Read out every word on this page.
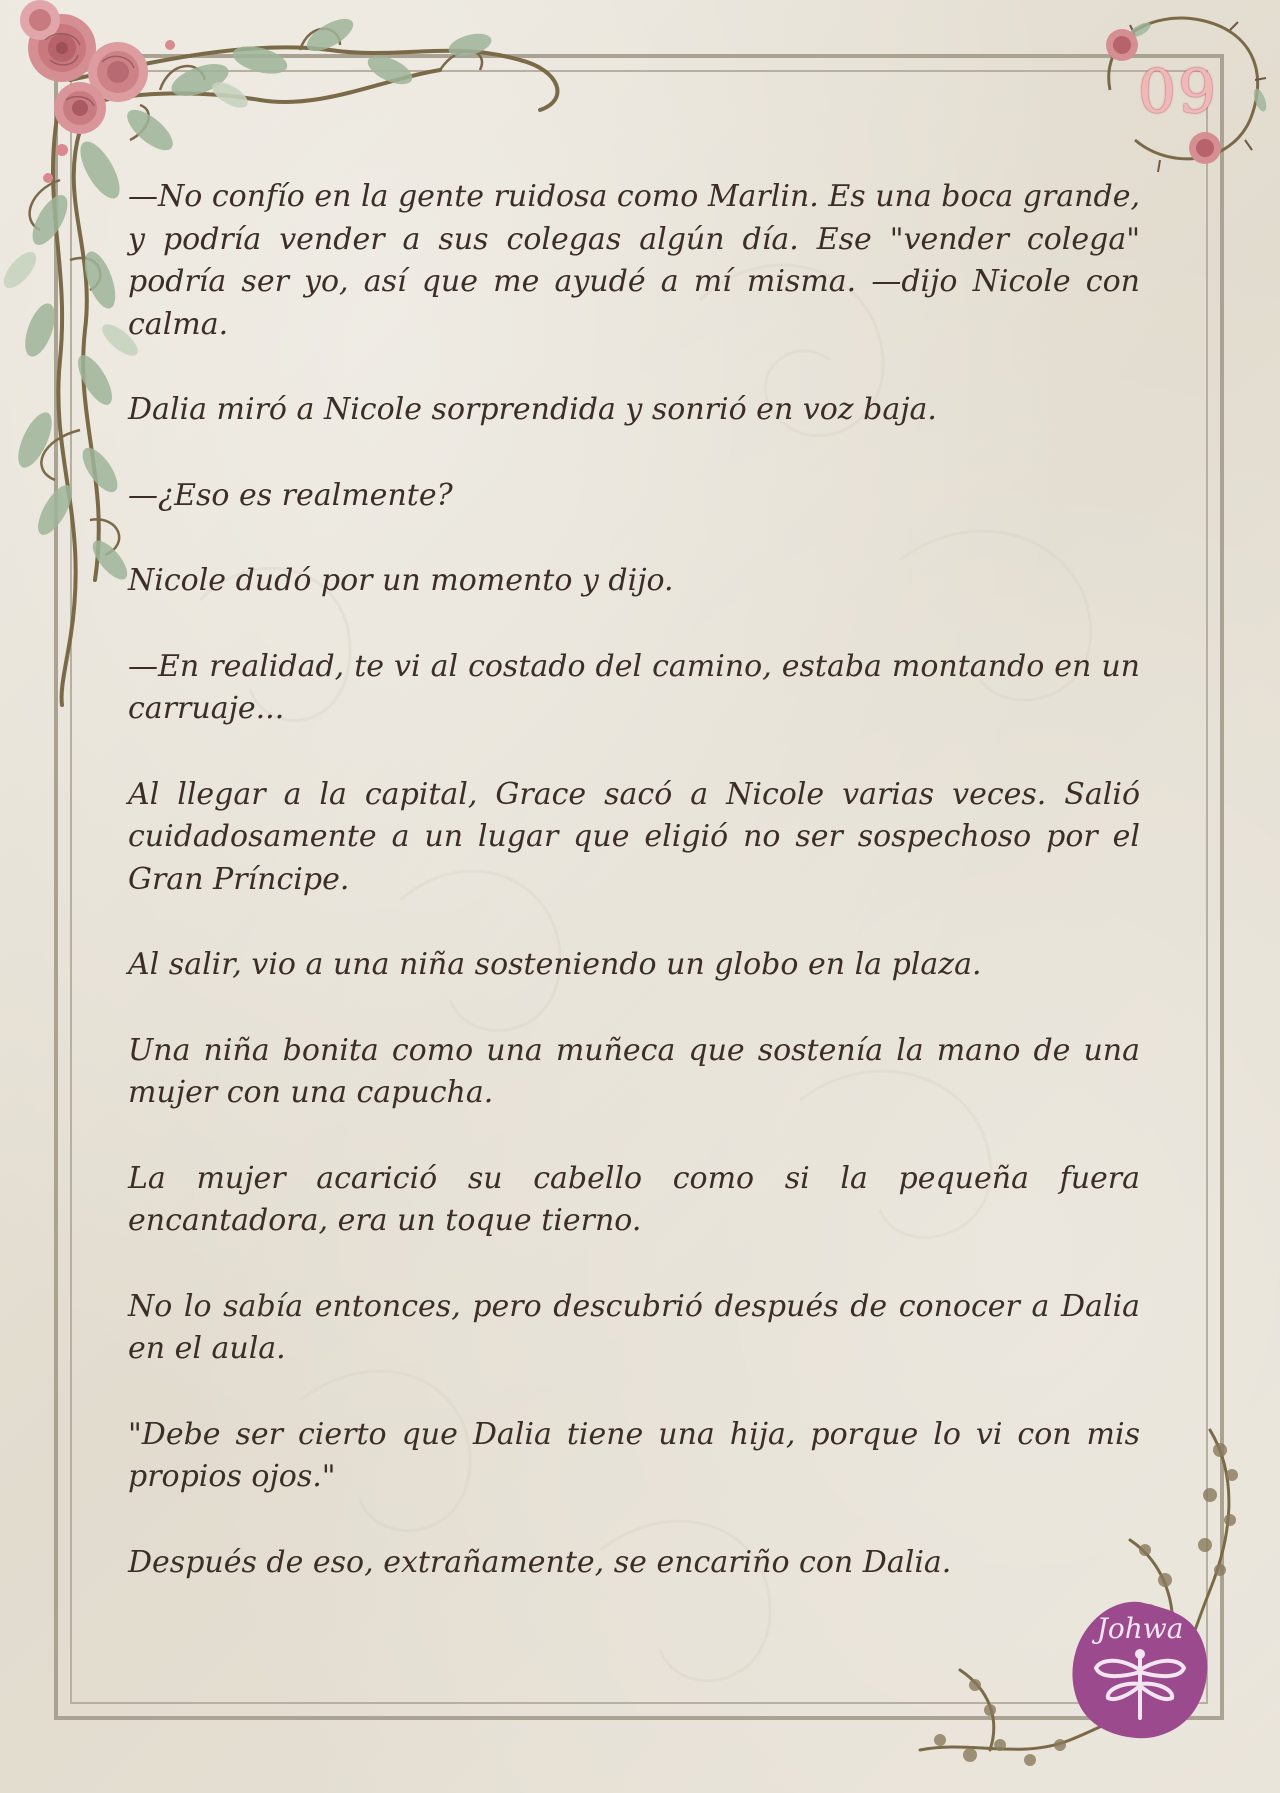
09
Johwa

—No confío en la gente ruidosa como Marlin. Es una boca grande, y podría vender a sus colegas algún día. Ese "vender colega" podría ser yo, así que me ayudé a mí misma. —dijo Nicole con calma.

Dalia miró a Nicole sorprendida y sonrió en voz baja.

—¿Eso es realmente?

Nicole dudó por un momento y dijo.

—En realidad, te vi al costado del camino, estaba montando en un carruaje...

Al llegar a la capital, Grace sacó a Nicole varias veces. Salió cuidadosamente a un lugar que eligió no ser sospechoso por el Gran Príncipe.

Al salir, vio a una niña sosteniendo un globo en la plaza.

Una niña bonita como una muñeca que sostenía la mano de una mujer con una capucha.

La mujer acarició su cabello como si la pequeña fuera encantadora, era un toque tierno.

No lo sabía entonces, pero descubrió después de conocer a Dalia en el aula.

"Debe ser cierto que Dalia tiene una hija, porque lo vi con mis propios ojos."

Después de eso, extrañamente, se encariño con Dalia.
